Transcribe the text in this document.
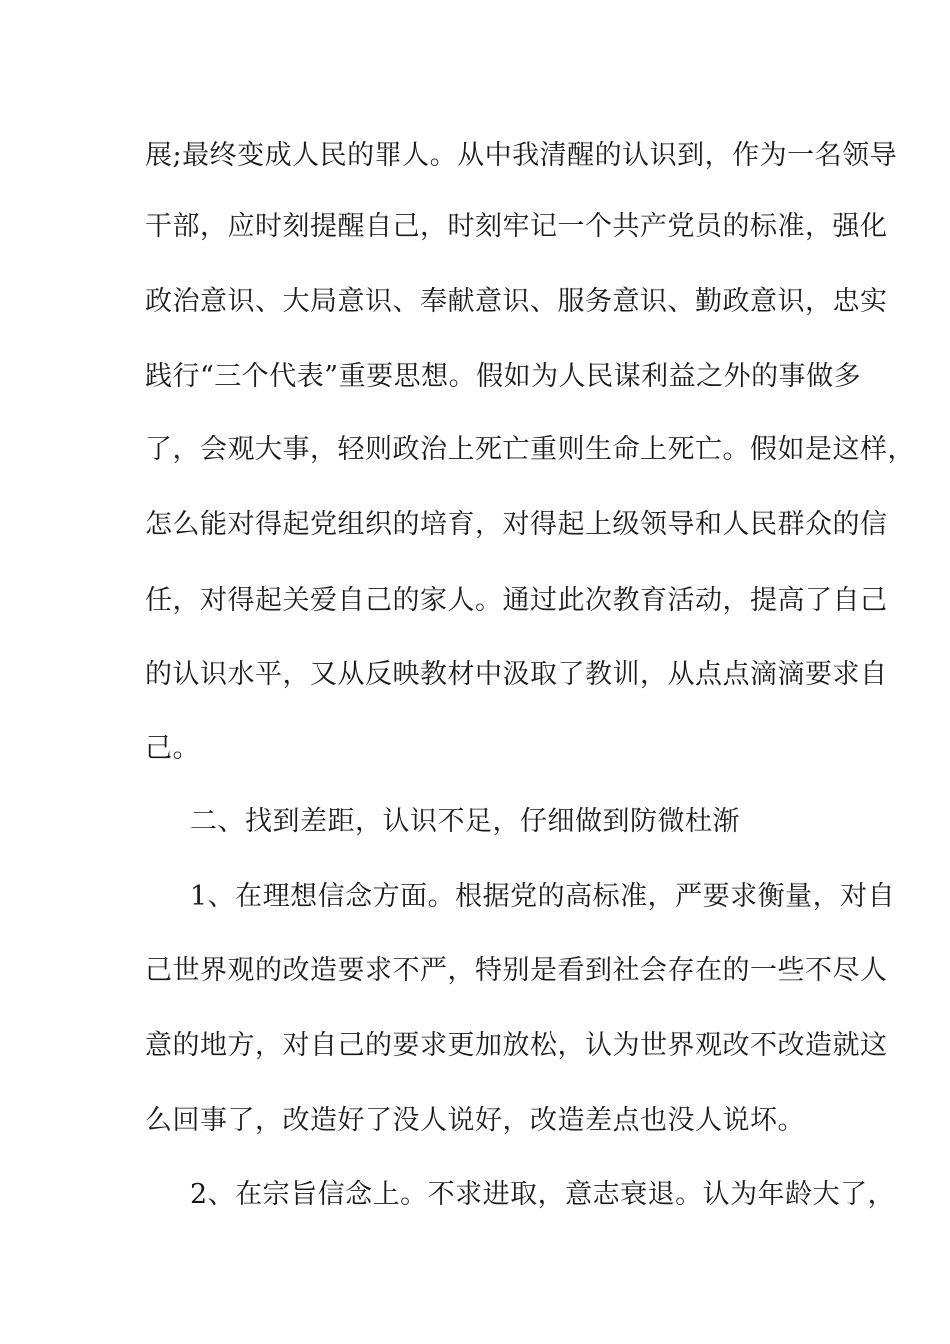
展;最终变成人民的罪人。从中我清醒的认识到，作为一名领导
干部，应时刻提醒自己，时刻牢记一个共产党员的标准，强化
政治意识、大局意识、奉献意识、服务意识、勤政意识，忠实
践行“三个代表”重要思想。假如为人民谋利益之外的事做多
了，会观大事，轻则政治上死亡重则生命上死亡。假如是这样，
怎么能对得起党组织的培育，对得起上级领导和人民群众的信
任，对得起关爱自己的家人。通过此次教育活动，提高了自己
的认识水平，又从反映教材中汲取了教训，从点点滴滴要求自
己。
二、找到差距，认识不足，仔细做到防微杜渐
1、在理想信念方面。根据党的高标准，严要求衡量，对自
己世界观的改造要求不严，特别是看到社会存在的一些不尽人
意的地方，对自己的要求更加放松，认为世界观改不改造就这
么回事了，改造好了没人说好，改造差点也没人说坏。
2、在宗旨信念上。不求进取，意志衰退。认为年龄大了，
